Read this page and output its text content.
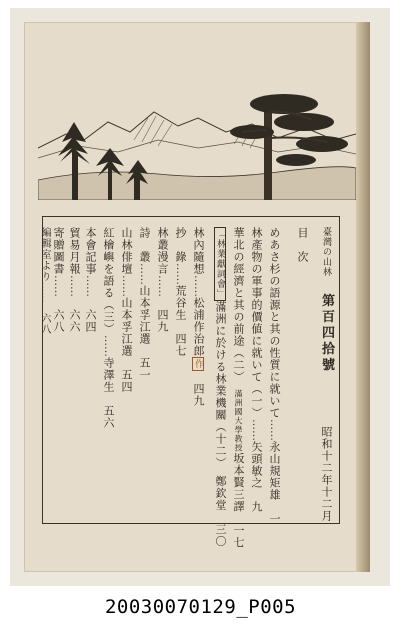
臺灣の山林 　第百四拾號 　　　　昭和十二年十二月
目　次
めあさ杉の語源と其の性質に就いて……永山規矩雄　一
林產物の軍事的價値に就いて（一）……矢頭敏之　九
華北の經濟と其の前途（二）　滿洲國大學教授坂本賢三譯　一七
「林業獻詞會」滿洲に於ける林業機關（十二）　鄭欽堂　三〇
林內隨想……松浦作治郎作　四九
抄　錄……荒谷生　四七
林叢漫言……　四九
詩　叢……山本孚江選　五一
山林俳壇……山本孚江選　五四
紅檜嶼を語る（三）……寺澤生　五六
本會記事……　六四
貿易月報……　六六
寄贈圖書……　六八
編輯室より……　六八
20030070129_P005
